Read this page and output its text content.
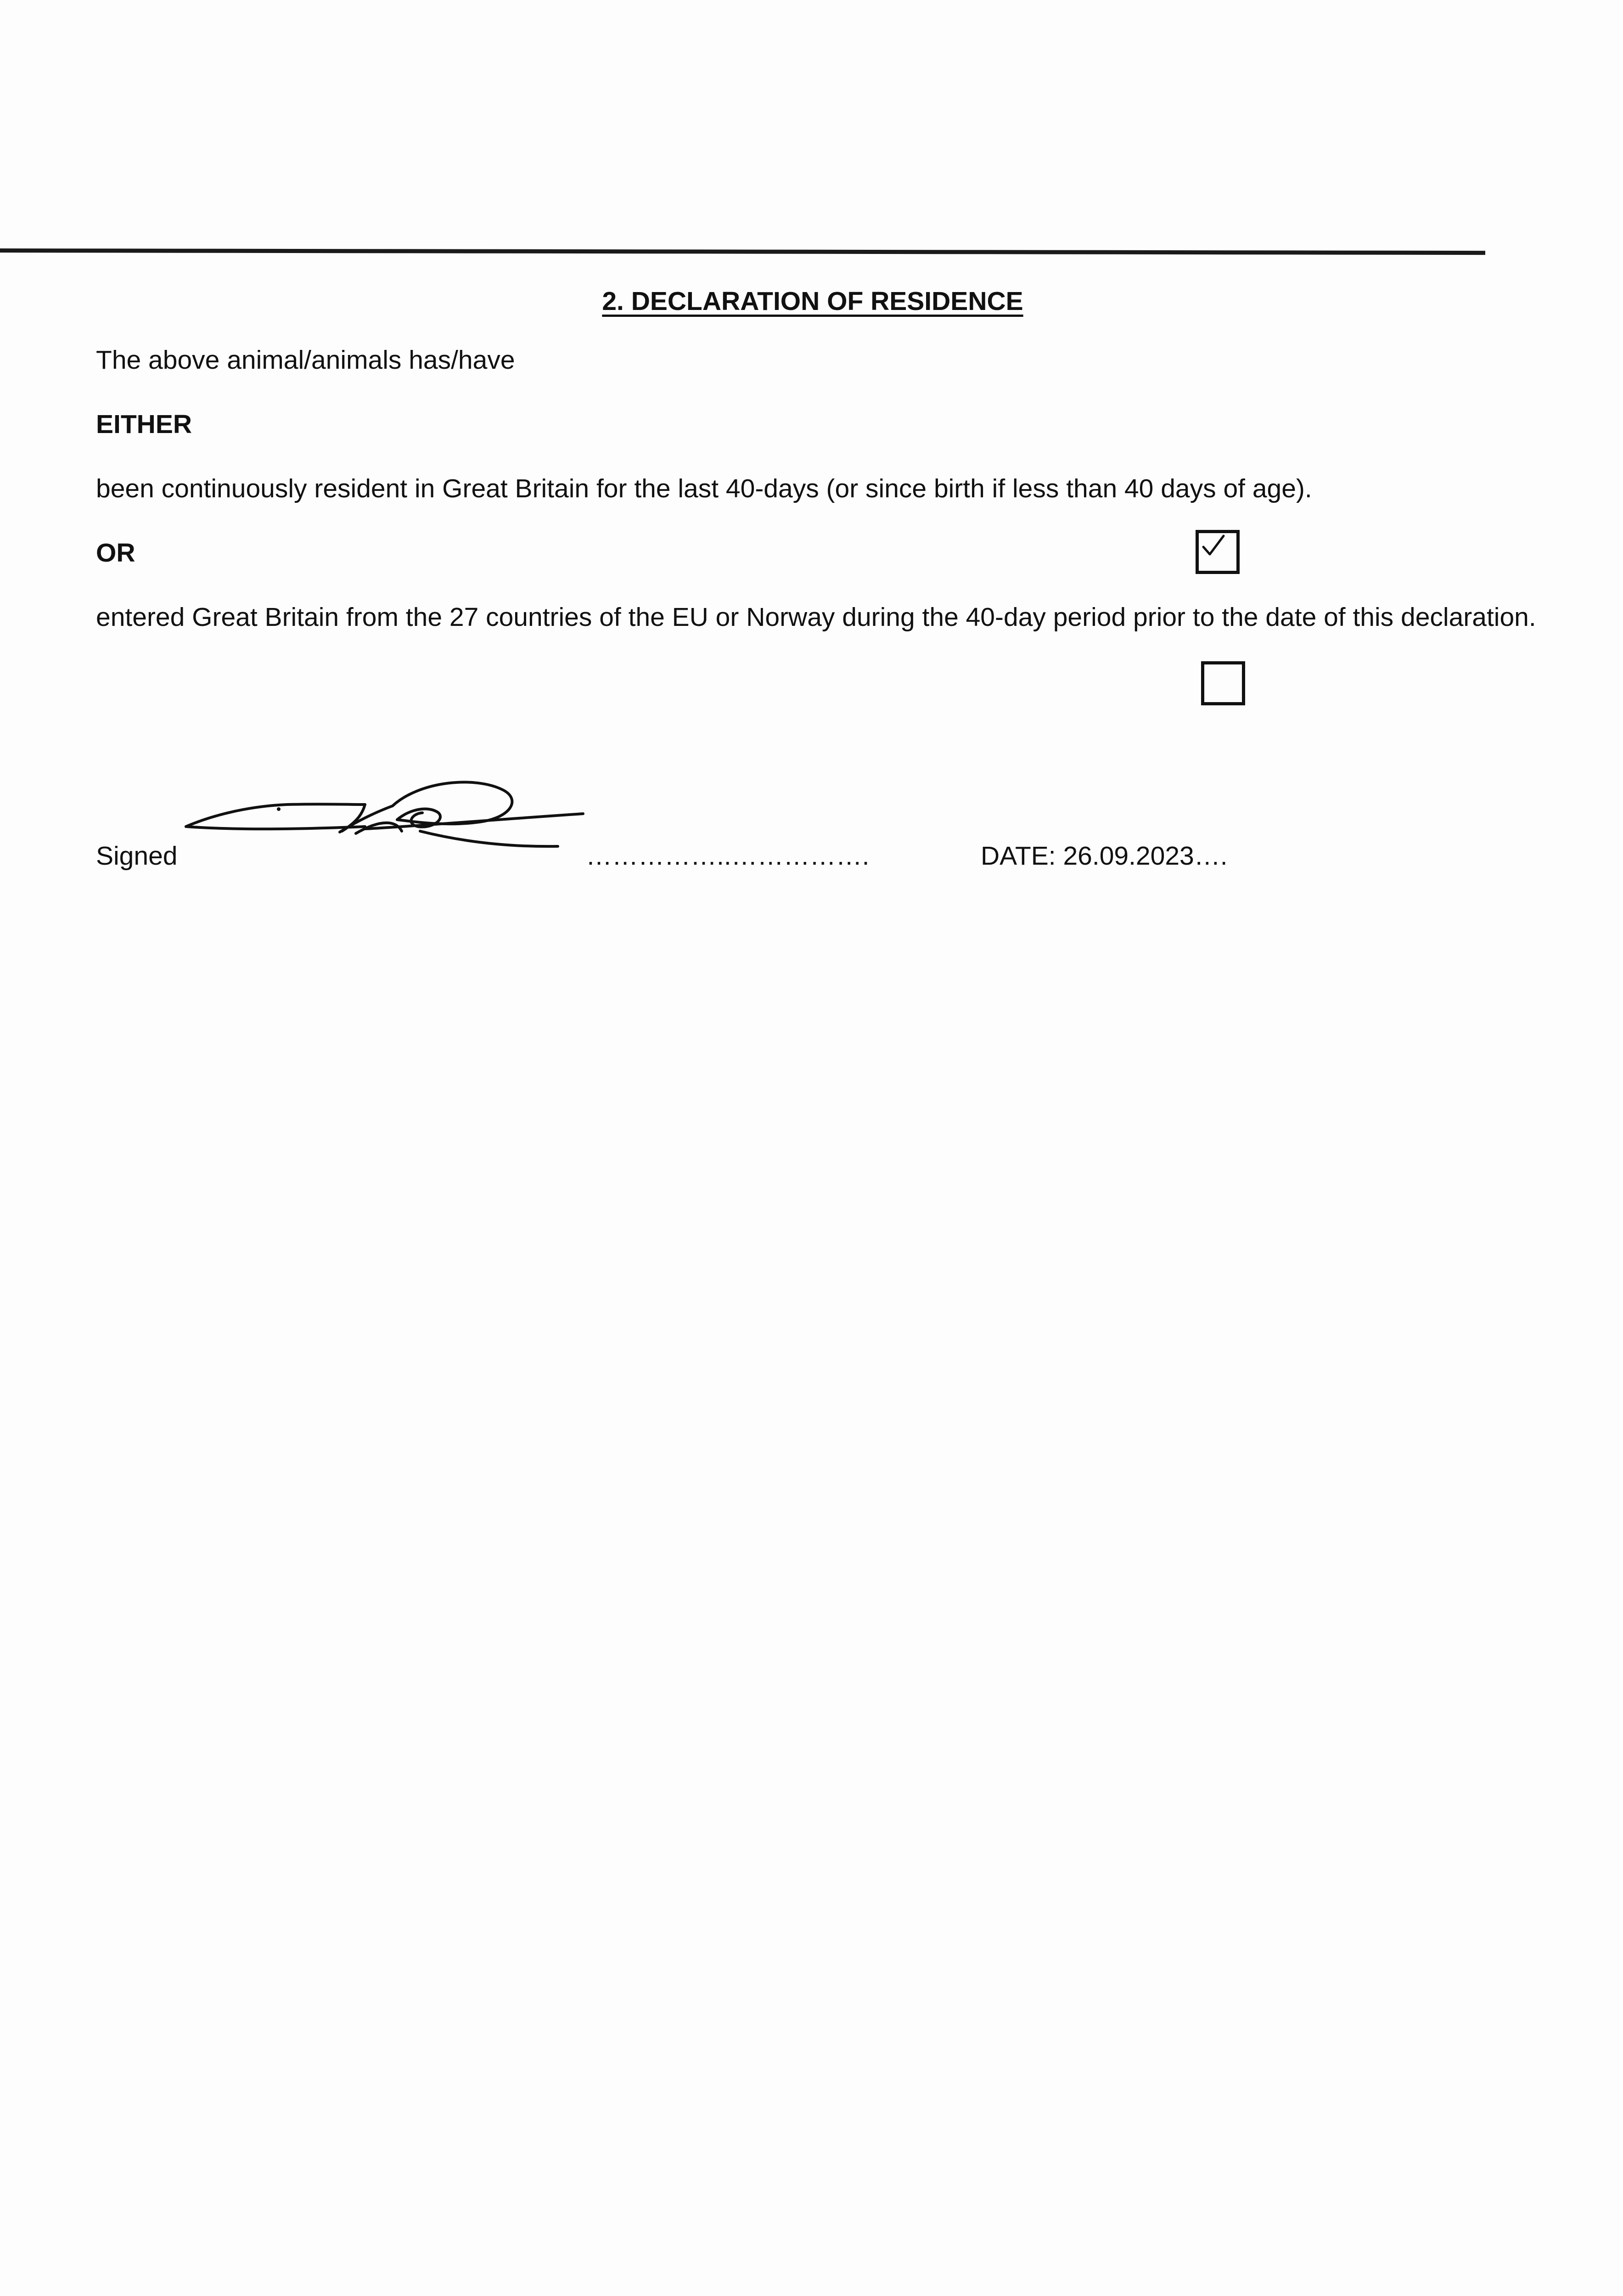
2. DECLARATION OF RESIDENCE
The above animal/animals has/have
EITHER
been continuously resident in Great Britain for the last 40-days (or since birth if less than 40 days of age).
OR
entered Great Britain from the 27 countries of the EU or Norway during the 40-day period prior to the date of this declaration.
Signed	……………..…………….	DATE: 26.09.2023….
